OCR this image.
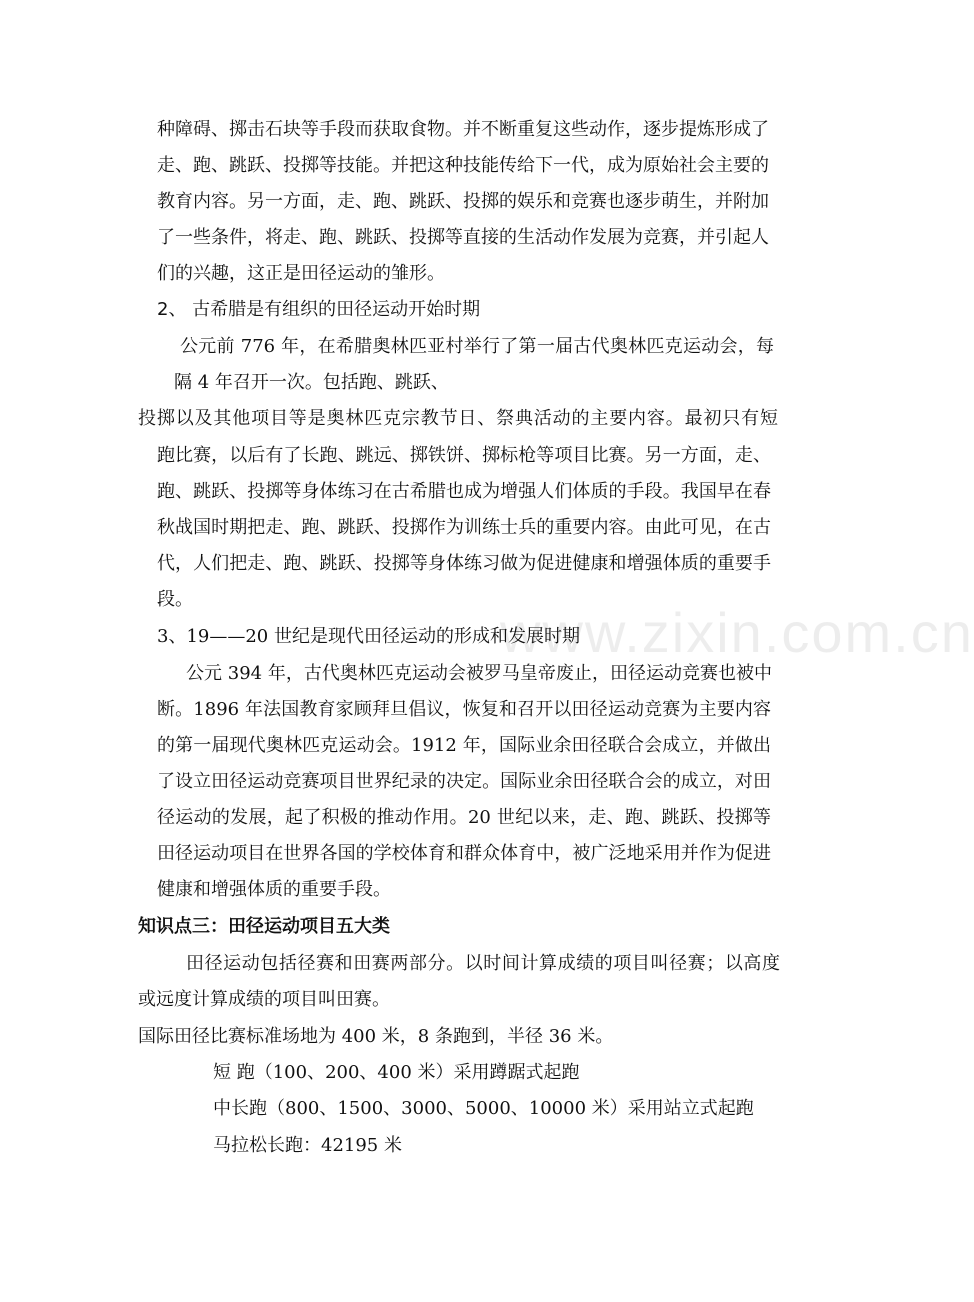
www.zixin.com.cn
种障碍、掷击石块等手段而获取食物。并不断重复这些动作，逐步提炼形成了
走、跑、跳跃、投掷等技能。并把这种技能传给下一代，成为原始社会主要的
教育内容。另一方面，走、跑、跳跃、投掷的娱乐和竞赛也逐步萌生，并附加
了一些条件，将走、跑、跳跃、投掷等直接的生活动作发展为竞赛，并引起人
们的兴趣，这正是田径运动的雏形。
2、 古希腊是有组织的田径运动开始时期
公元前 776 年，在希腊奥林匹亚村举行了第一届古代奥林匹克运动会，每
隔 4 年召开一次。包括跑、跳跃、
投掷以及其他项目等是奥林匹克宗教节日、祭典活动的主要内容。最初只有短
跑比赛，以后有了长跑、跳远、掷铁饼、掷标枪等项目比赛。另一方面，走、
跑、跳跃、投掷等身体练习在古希腊也成为增强人们体质的手段。我国早在春
秋战国时期把走、跑、跳跃、投掷作为训练士兵的重要内容。由此可见，在古
代，人们把走、跑、跳跃、投掷等身体练习做为促进健康和增强体质的重要手
段。
3、19——20 世纪是现代田径运动的形成和发展时期
公元 394 年，古代奥林匹克运动会被罗马皇帝废止，田径运动竞赛也被中
断。1896 年法国教育家顾拜旦倡议，恢复和召开以田径运动竞赛为主要内容
的第一届现代奥林匹克运动会。1912 年，国际业余田径联合会成立，并做出
了设立田径运动竞赛项目世界纪录的决定。国际业余田径联合会的成立，对田
径运动的发展，起了积极的推动作用。20 世纪以来，走、跑、跳跃、投掷等
田径运动项目在世界各国的学校体育和群众体育中，被广泛地采用并作为促进
健康和增强体质的重要手段。
知识点三：田径运动项目五大类
田径运动包括径赛和田赛两部分。以时间计算成绩的项目叫径赛；以高度
或远度计算成绩的项目叫田赛。
国际田径比赛标准场地为 400 米，8 条跑到，半径 36 米。
短 跑（100、200、400 米）采用蹲踞式起跑
中长跑（800、1500、3000、5000、10000 米）采用站立式起跑
马拉松长跑：42195 米
